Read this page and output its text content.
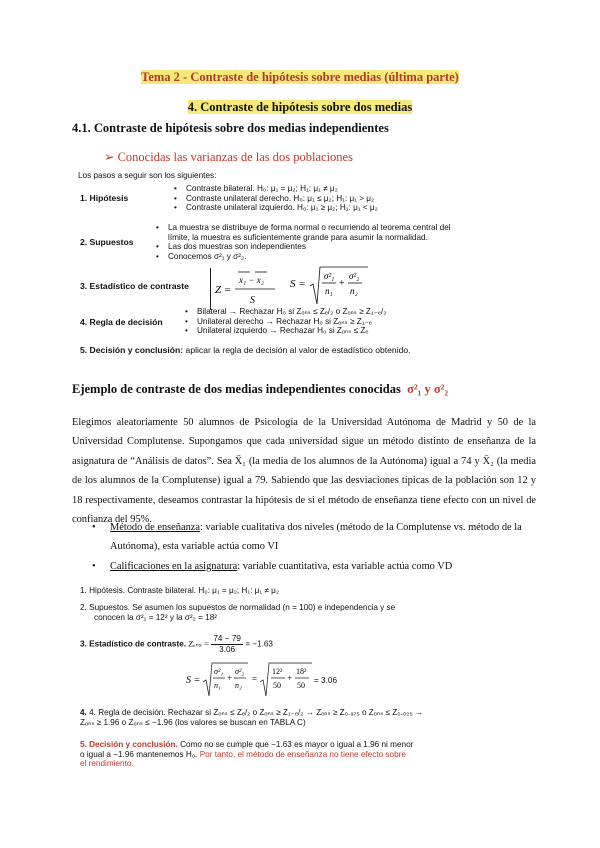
Tema 2 - Contraste de hipótesis sobre medias (última parte)
4. Contraste de hipótesis sobre dos medias
4.1. Contraste de hipótesis sobre dos medias independientes
➢ Conocidas las varianzas de las dos poblaciones
Los pasos a seguir son los siguientes:
1. Hipótesis
• Contraste bilateral. H₀: μ₁ = μ₂; H₁: μ₁ ≠ μ₂
• Contraste unilateral derecho. H₀: μ₁ ≤ μ₂; H₁: μ₁ > μ₂
• Contraste unilateral izquierdo. H₀: μ₁ ≥ μ₂; H₁: μ₁ < μ₂
2. Supuestos
• La muestra se distribuye de forma normal o recurriendo al teorema central del límite, la muestra es suficientemente grande para asumir la normalidad.
• Las dos muestras son independientes
• Conocemos σ²₁ y σ²₂.
3. Estadístico de contraste Z =
x₁ − x₂
S
S =
σ²₁
n₁
+
σ²₂
n₂
4. Regla de decisión
• Bilateral → Rechazar H₀ si Zₒₙₛ ≤ Zₑ/₂ o Zₒₙₛ ≥ Z₁₋ₑ/₂
• Unilateral derecho → Rechazar H₀ si Zₒₙₛ ≥ Z₁₋ₑ
• Unilateral izquierdo → Rechazar H₀ si Zₒₙₛ ≤ Zₑ
5. Decisión y conclusión: aplicar la regla de decisión al valor de estadístico obtenido.
Ejemplo de contraste de dos medias independientes conocidas σ²₁ y σ²₂
Elegimos aleatoriamente 50 alumnos de Psicología de la Universidad Autónoma de Madrid y 50 de la Universidad Complutense. Supongamos que cada universidad sigue un método distinto de enseñanza de la asignatura de “Análisis de datos”. Sea X̄₁ (la media de los alumnos de la Autónoma) igual a 74 y X̄₂ (la media de los alumnos de la Complutense) igual a 79. Sabiendo que las desviaciones típicas de la población son 12 y 18 respectivamente, deseamos contrastar la hipótesis de si el método de enseñanza tiene efecto con un nivel de confianza del 95%.
• Método de enseñanza: variable cualitativa dos niveles (método de la Complutense vs. método de la Autónoma), esta variable actúa como VI
• Calificaciones en la asignatura: variable cuantitativa, esta variable actúa como VD
1. Hipótesis. Contraste bilateral. H₀: μ₁ = μ₂; H₁: μ₁ ≠ μ₂
2. Supuestos. Se asumen los supuestos de normalidad (n = 100) e independencia y se
conocen la σ²₁ = 12² y la σ²₂ = 18²
3. Estadístico de contraste. $Z_{ons} = \frac{74 - 79}{3.06} = -1.63$
S =
σ²₁
n₁
+
σ²₂
n₂
=
12²
50
+
18²
50
= 3.06
4. 4. Regla de decisión. Rechazar si Zₒₙₛ ≤ Zₑ/₂ o Zₒₙₛ ≥ Z₁₋ₑ/₂ → Zₒₙₛ ≥ Z₀.₉₇₅ o Zₒₙₛ ≤ Z₀.₀₂₅ →
Zₒₙₛ ≥ 1.96 o Zₒₙₛ ≤ −1.96 (los valores se buscan en TABLA C)
5. Decisión y conclusión. Como no se cumple que −1.63 es mayor o igual a 1.96 ni menor
o igual a −1.96 mantenemos H₀. Por tanto, el método de enseñanza no tiene efecto sobre
el rendimiento.
